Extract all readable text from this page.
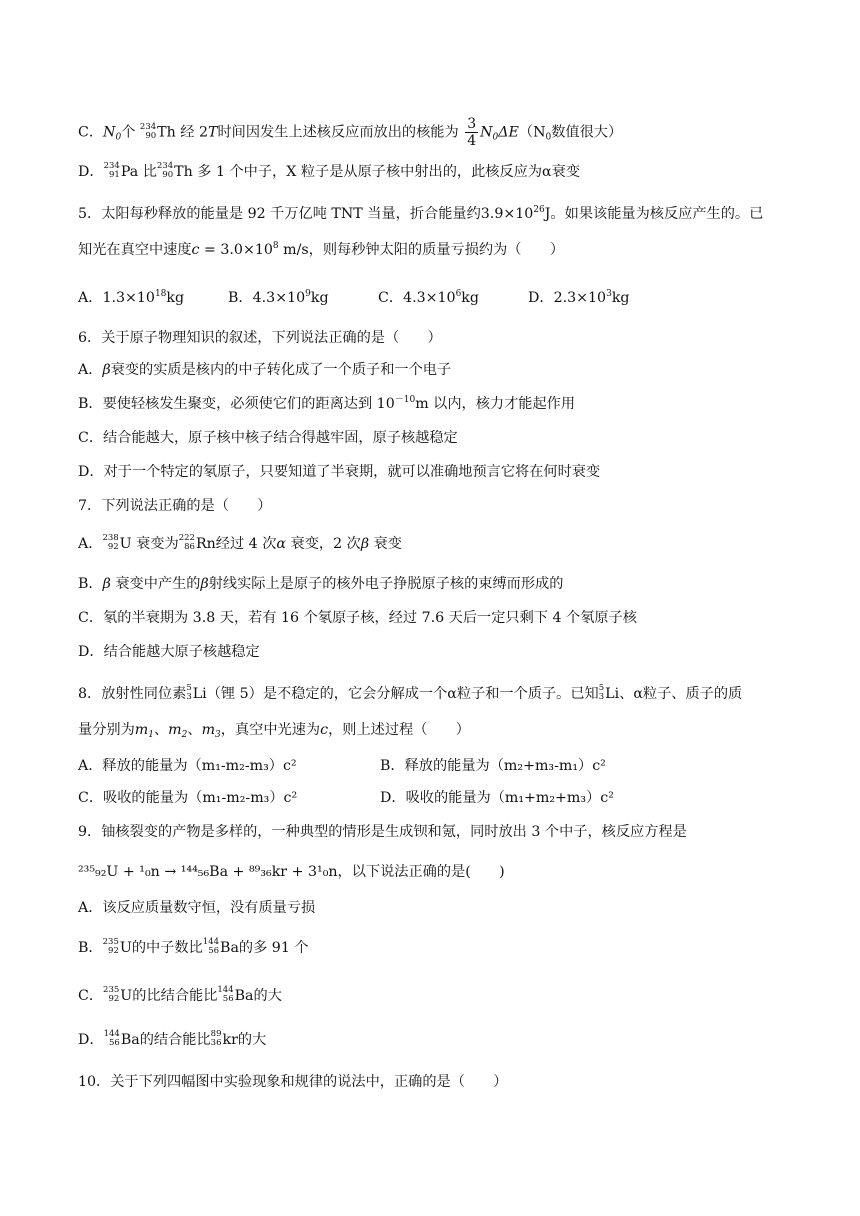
C．$N_0$个 234
90 Th 经 2T时间因发生上述核反应而放出的核能为 $\frac{3}{4} N_0\Delta E(N_0$数值很大）
D． 234
91 Pa 比 234
90 Th 多 1 个中子，X 粒子是从原子核中射出的，此核反应为α衰变
5．太阳每秒释放的能量是 92 千万亿吨 TNT 当量，折合能量约$3.9\times 10^{26}J$。如果该能量为核反应产生的。已
知光在真空中速度$c = 3.0\times 10^8$ m/s，则每秒钟太阳的质量亏损约为（　　）
A．$1.3\times 10^{18}kg$	B．$4.3\times 10^9kg$	C．$4.3\times 10^6kg$	D．$2.3\times 10^3kg$
6．关于原子物理知识的叙述，下列说法正确的是（　　）
A．β衰变的实质是核内的中子转化成了一个质子和一个电子
B．要使轻核发生聚变，必须使它们的距离达到 $10^{-10}m$ 以内，核力才能起作用
C．结合能越大，原子核中核子结合得越牢固，原子核越稳定
D．对于一个特定的氡原子，只要知道了半衰期，就可以准确地预言它将在何时衰变
7．下列说法正确的是（　　）
A． 238
92 U 衰变为 222
86 Rn经过 4 次α 衰变，2 次β 衰变
B．β 衰变中产生的β射线实际上是原子的核外电子挣脱原子核的束缚而形成的
C．氡的半衰期为 3.8 天，若有 16 个氡原子核，经过 7.6 天后一定只剩下 4 个氡原子核
D．结合能越大原子核越稳定
8．放射性同位素 5
3 Li（锂 5）是不稳定的，它会分解成一个α粒子和一个质子。已知 5
3 Li、α粒子、质子的质
量分别为$m_1$、$m_2$、$m_3$，真空中光速为c，则上述过程（　　）
A．释放的能量为（m₁-m₂-m₃）c²	B．释放的能量为（m₂+m₃-m₁）c²
C．吸收的能量为（m₁-m₂-m₃）c²	D．吸收的能量为（m₁+m₂+m₃）c²
9．铀核裂变的产物是多样的，一种典型的情形是生成钡和氪，同时放出 3 个中子，核反应方程是
²³⁵₉₂U + ¹₀n → ¹⁴⁴₅₆Ba + ⁸⁹₃₆kr + 3¹₀n，以下说法正确的是(　　)
A．该反应质量数守恒，没有质量亏损
B． 235
92 U的中子数比 144
56 Ba的多 91 个
C． 235
92 U的比结合能比 144
56 Ba的大
D． 144
56 Ba的结合能比 89
36 kr的大
10．关于下列四幅图中实验现象和规律的说法中，正确的是（　　）
